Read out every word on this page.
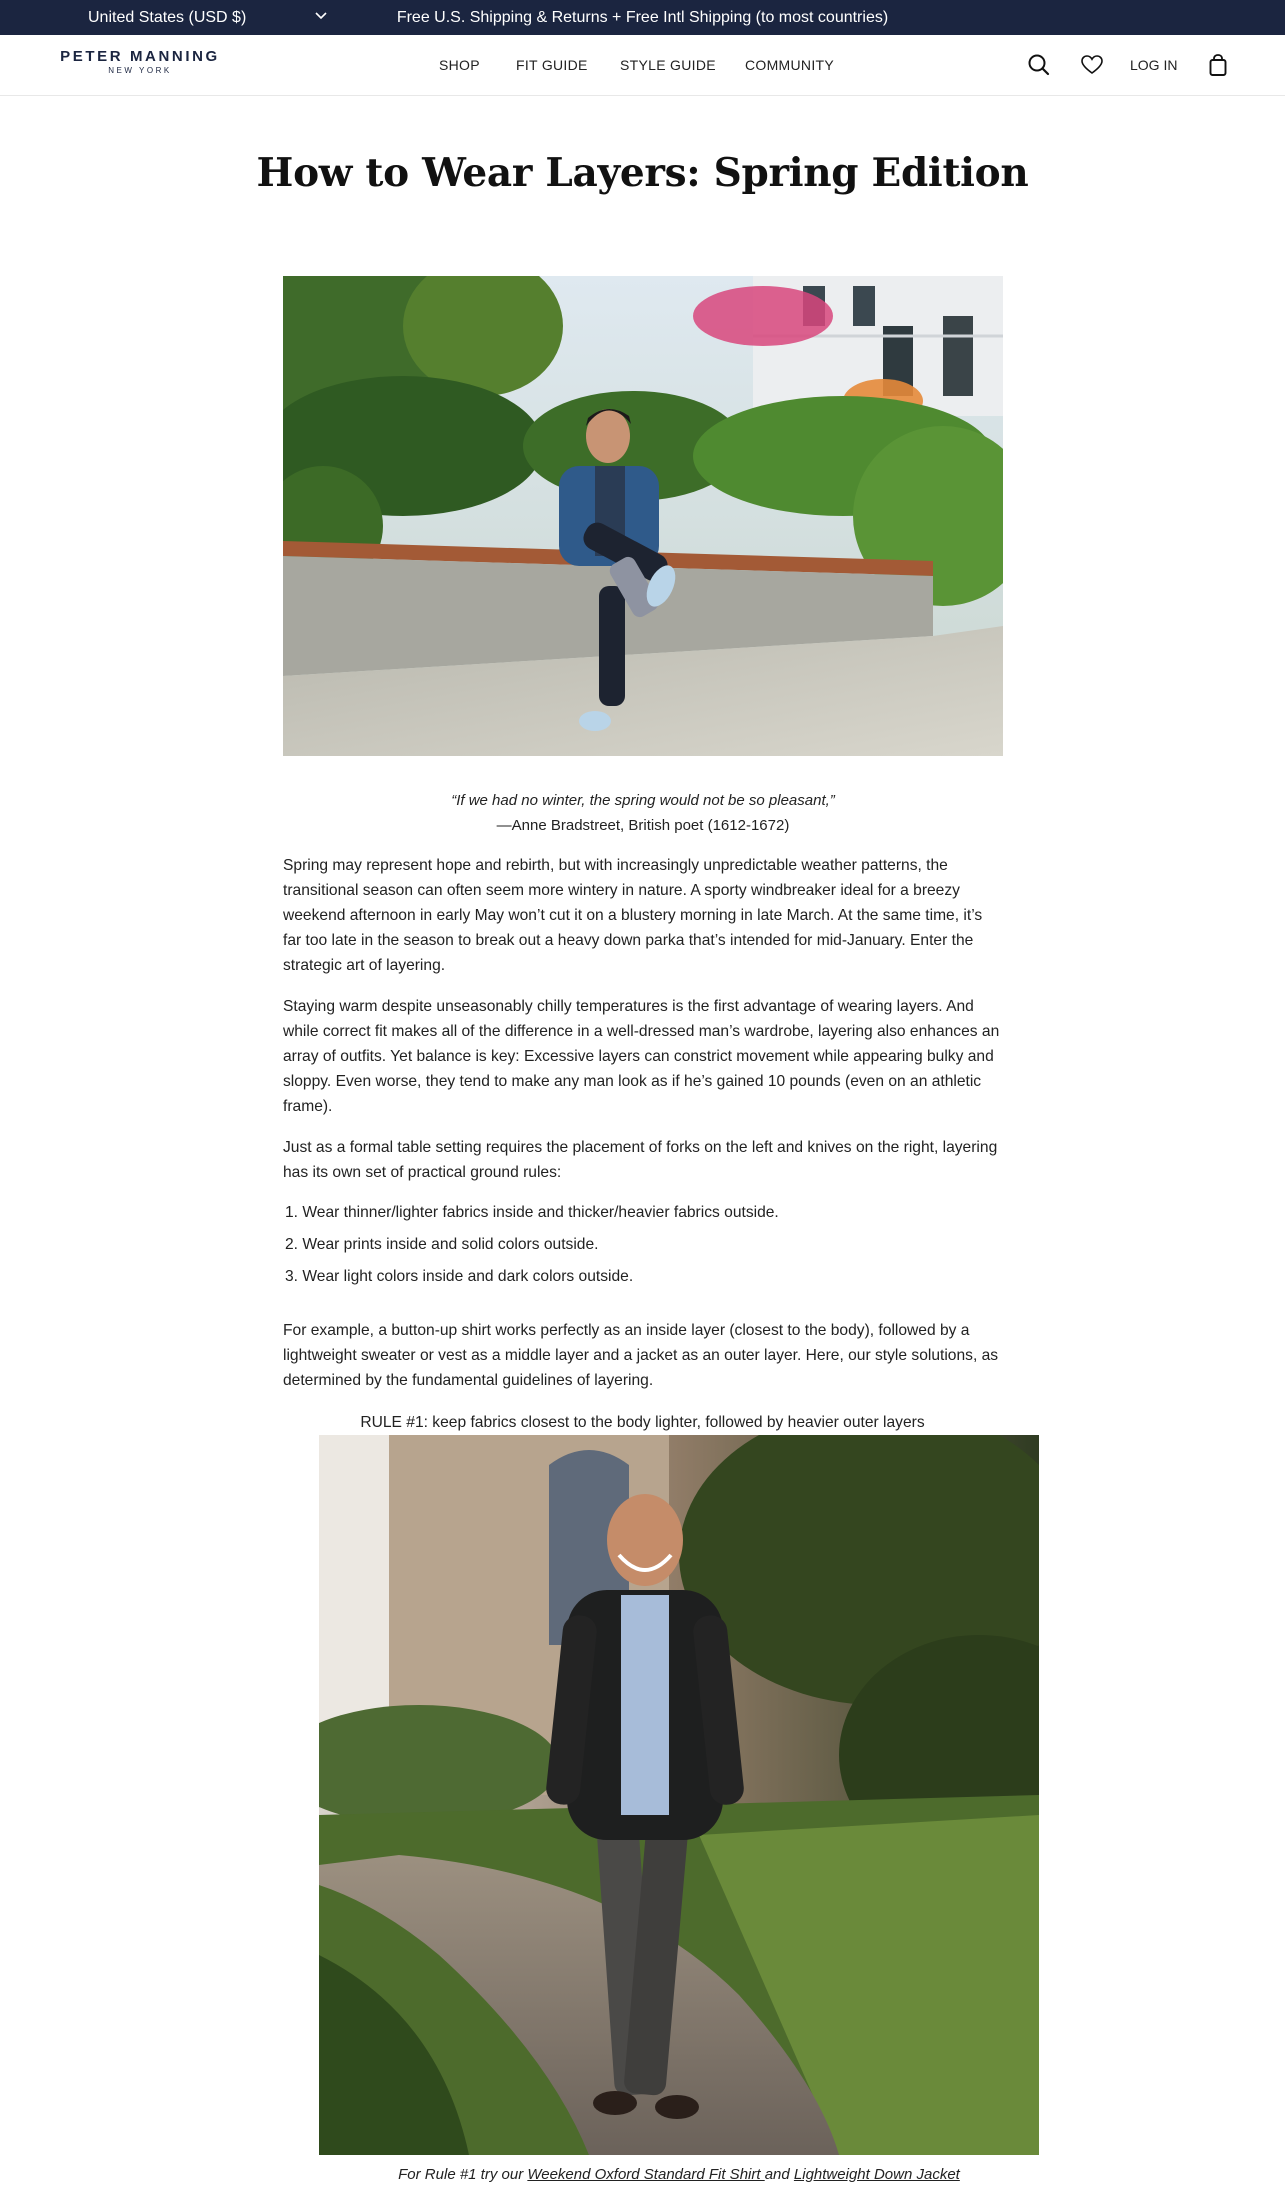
United States (USD $)	Free U.S. Shipping & Returns + Free Intl Shipping (to most countries)
PETER MANNING
NEW YORK	SHOP	FIT GUIDE STYLE GUIDE COMMUNITY	LOG IN
How to Wear Layers: Spring Edition
“If we had no winter, the spring would not be so pleasant,”
—Anne Bradstreet, British poet (1612-1672)

Spring may represent hope and rebirth, but with increasingly unpredictable weather patterns, the transitional season can often seem more wintery in nature. A sporty windbreaker ideal for a breezy weekend afternoon in early May won’t cut it on a blustery morning in late March. At the same time, it’s far too late in the season to break out a heavy down parka that’s intended for mid-January. Enter the strategic art of layering.

Staying warm despite unseasonably chilly temperatures is the first advantage of wearing layers. And while correct fit makes all of the difference in a well-dressed man’s wardrobe, layering also enhances an array of outfits. Yet balance is key: Excessive layers can constrict movement while appearing bulky and sloppy. Even worse, they tend to make any man look as if he’s gained 10 pounds (even on an athletic frame).

Just as a formal table setting requires the placement of forks on the left and knives on the right, layering has its own set of practical ground rules:

1. Wear thinner/lighter fabrics inside and thicker/heavier fabrics outside.
2. Wear prints inside and solid colors outside.
3. Wear light colors inside and dark colors outside.

For example, a button-up shirt works perfectly as an inside layer (closest to the body), followed by a lightweight sweater or vest as a middle layer and a jacket as an outer layer. Here, our style solutions, as determined by the fundamental guidelines of layering.

RULE #1: keep fabrics closest to the body lighter, followed by heavier outer layers
For Rule #1 try our Weekend Oxford Standard Fit Shirt and Lightweight Down Jacket
